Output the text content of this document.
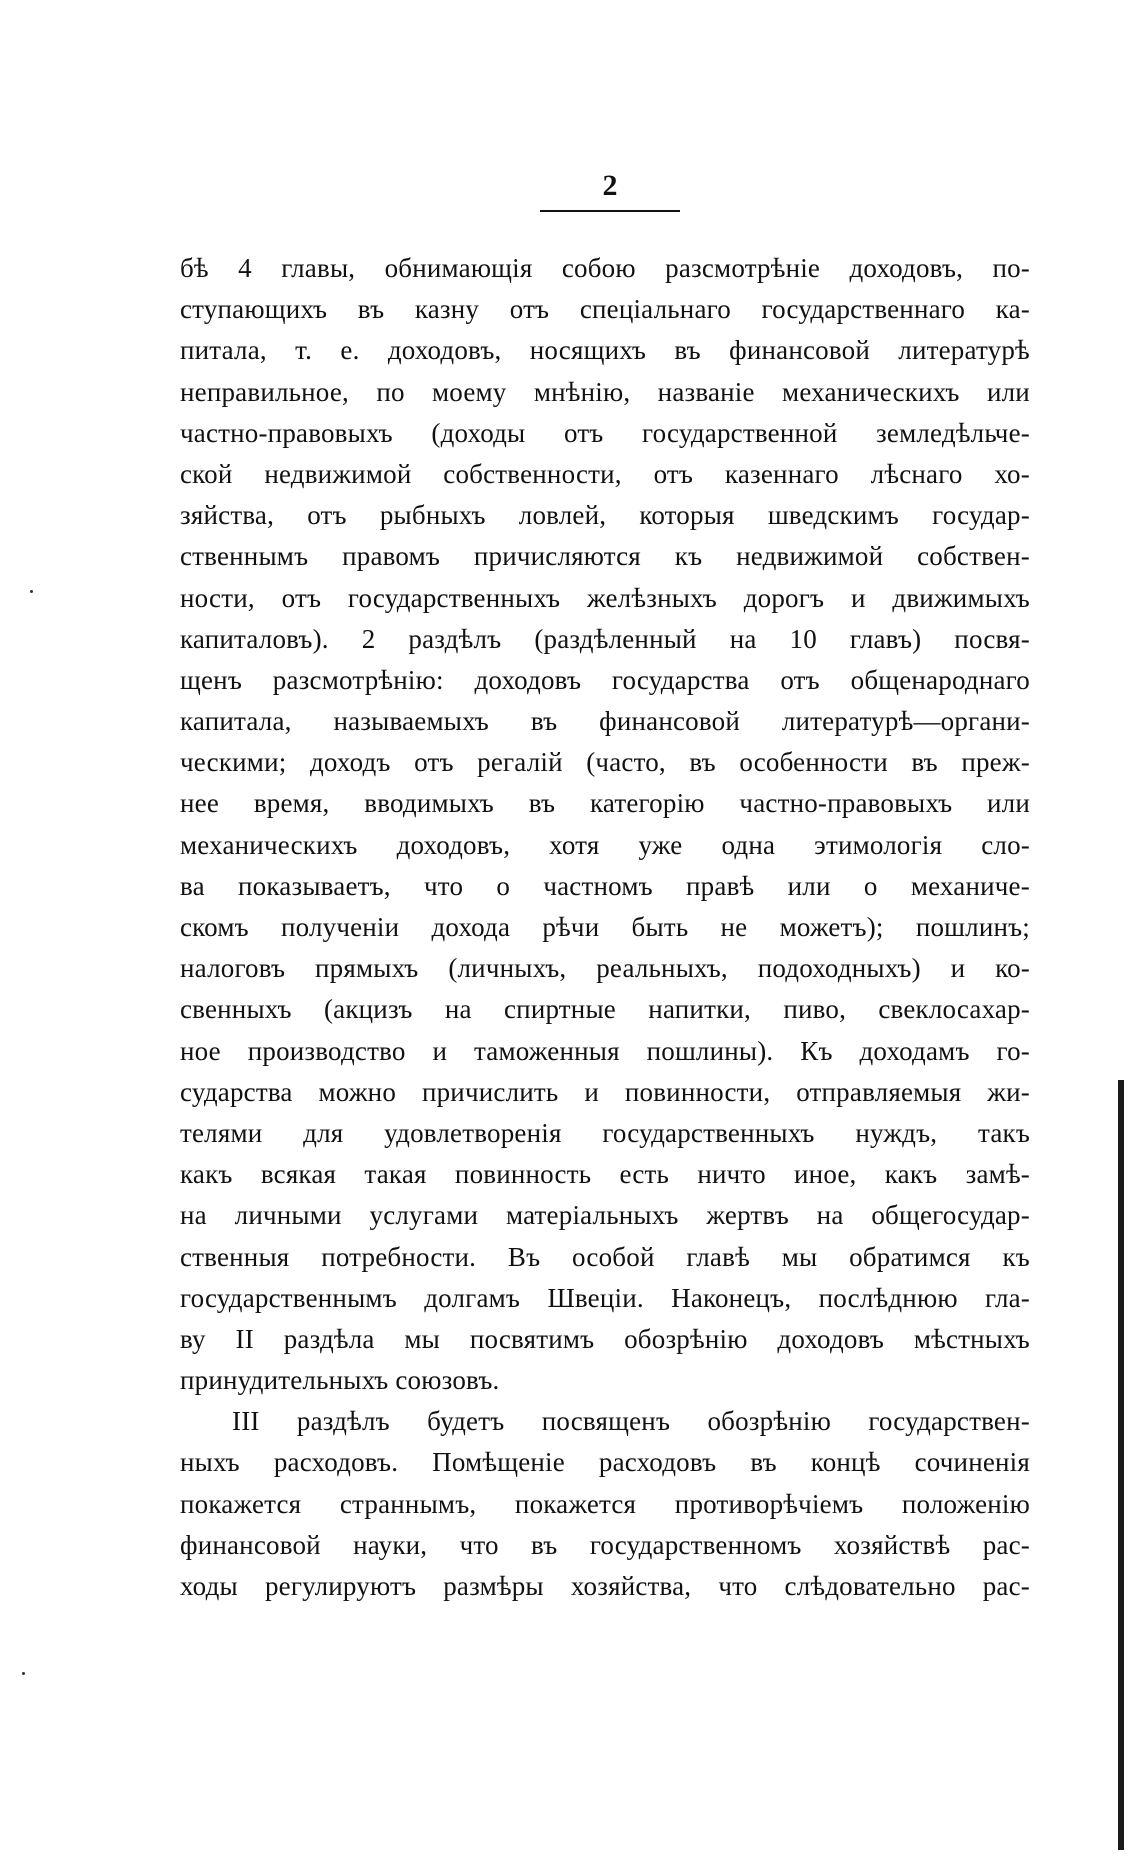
2
бѣ 4 главы, обнимающія собою разсмотрѣніе доходовъ, по-
ступающихъ въ казну отъ спеціальнаго государственнаго ка-
питала, т. е. доходовъ, носящихъ въ финансовой литературѣ
неправильное, по моему мнѣнію, названіе механическихъ или
частно-правовыхъ (доходы отъ государственной земледѣльче-
ской недвижимой собственности, отъ казеннаго лѣснаго хо-
зяйства, отъ рыбныхъ ловлей, которыя шведскимъ государ-
ственнымъ правомъ причисляются къ недвижимой собствен-
ности, отъ государственныхъ желѣзныхъ дорогъ и движимыхъ
капиталовъ). 2 раздѣлъ (раздѣленный на 10 главъ) посвя-
щенъ разсмотрѣнію: доходовъ государства отъ общенароднаго
капитала, называемыхъ въ финансовой литературѣ—органи-
ческими; доходъ отъ регалій (часто, въ особенности въ преж-
нее время, вводимыхъ въ категорію частно-правовыхъ или
механическихъ доходовъ, хотя уже одна этимологія сло-
ва показываетъ, что о частномъ правѣ или о механиче-
скомъ полученіи дохода рѣчи быть не можетъ); пошлинъ;
налоговъ прямыхъ (личныхъ, реальныхъ, подоходныхъ) и ко-
свенныхъ (акцизъ на спиртные напитки, пиво, свеклосахар-
ное производство и таможенныя пошлины). Къ доходамъ го-
сударства можно причислить и повинности, отправляемыя жи-
телями для удовлетворенія государственныхъ нуждъ, такъ
какъ всякая такая повинность есть ничто иное, какъ замѣ-
на личными услугами матеріальныхъ жертвъ на общегосудар-
ственныя потребности. Въ особой главѣ мы обратимся къ
государственнымъ долгамъ Швеціи. Наконецъ, послѣднюю гла-
ву II раздѣла мы посвятимъ обозрѣнію доходовъ мѣстныхъ
принудительныхъ союзовъ.
III раздѣлъ будетъ посвященъ обозрѣнію государствен-
ныхъ расходовъ. Помѣщеніе расходовъ въ концѣ сочиненія
покажется страннымъ, покажется противорѣчіемъ положенію
финансовой науки, что въ государственномъ хозяйствѣ рас-
ходы регулируютъ размѣры хозяйства, что слѣдовательно рас-
